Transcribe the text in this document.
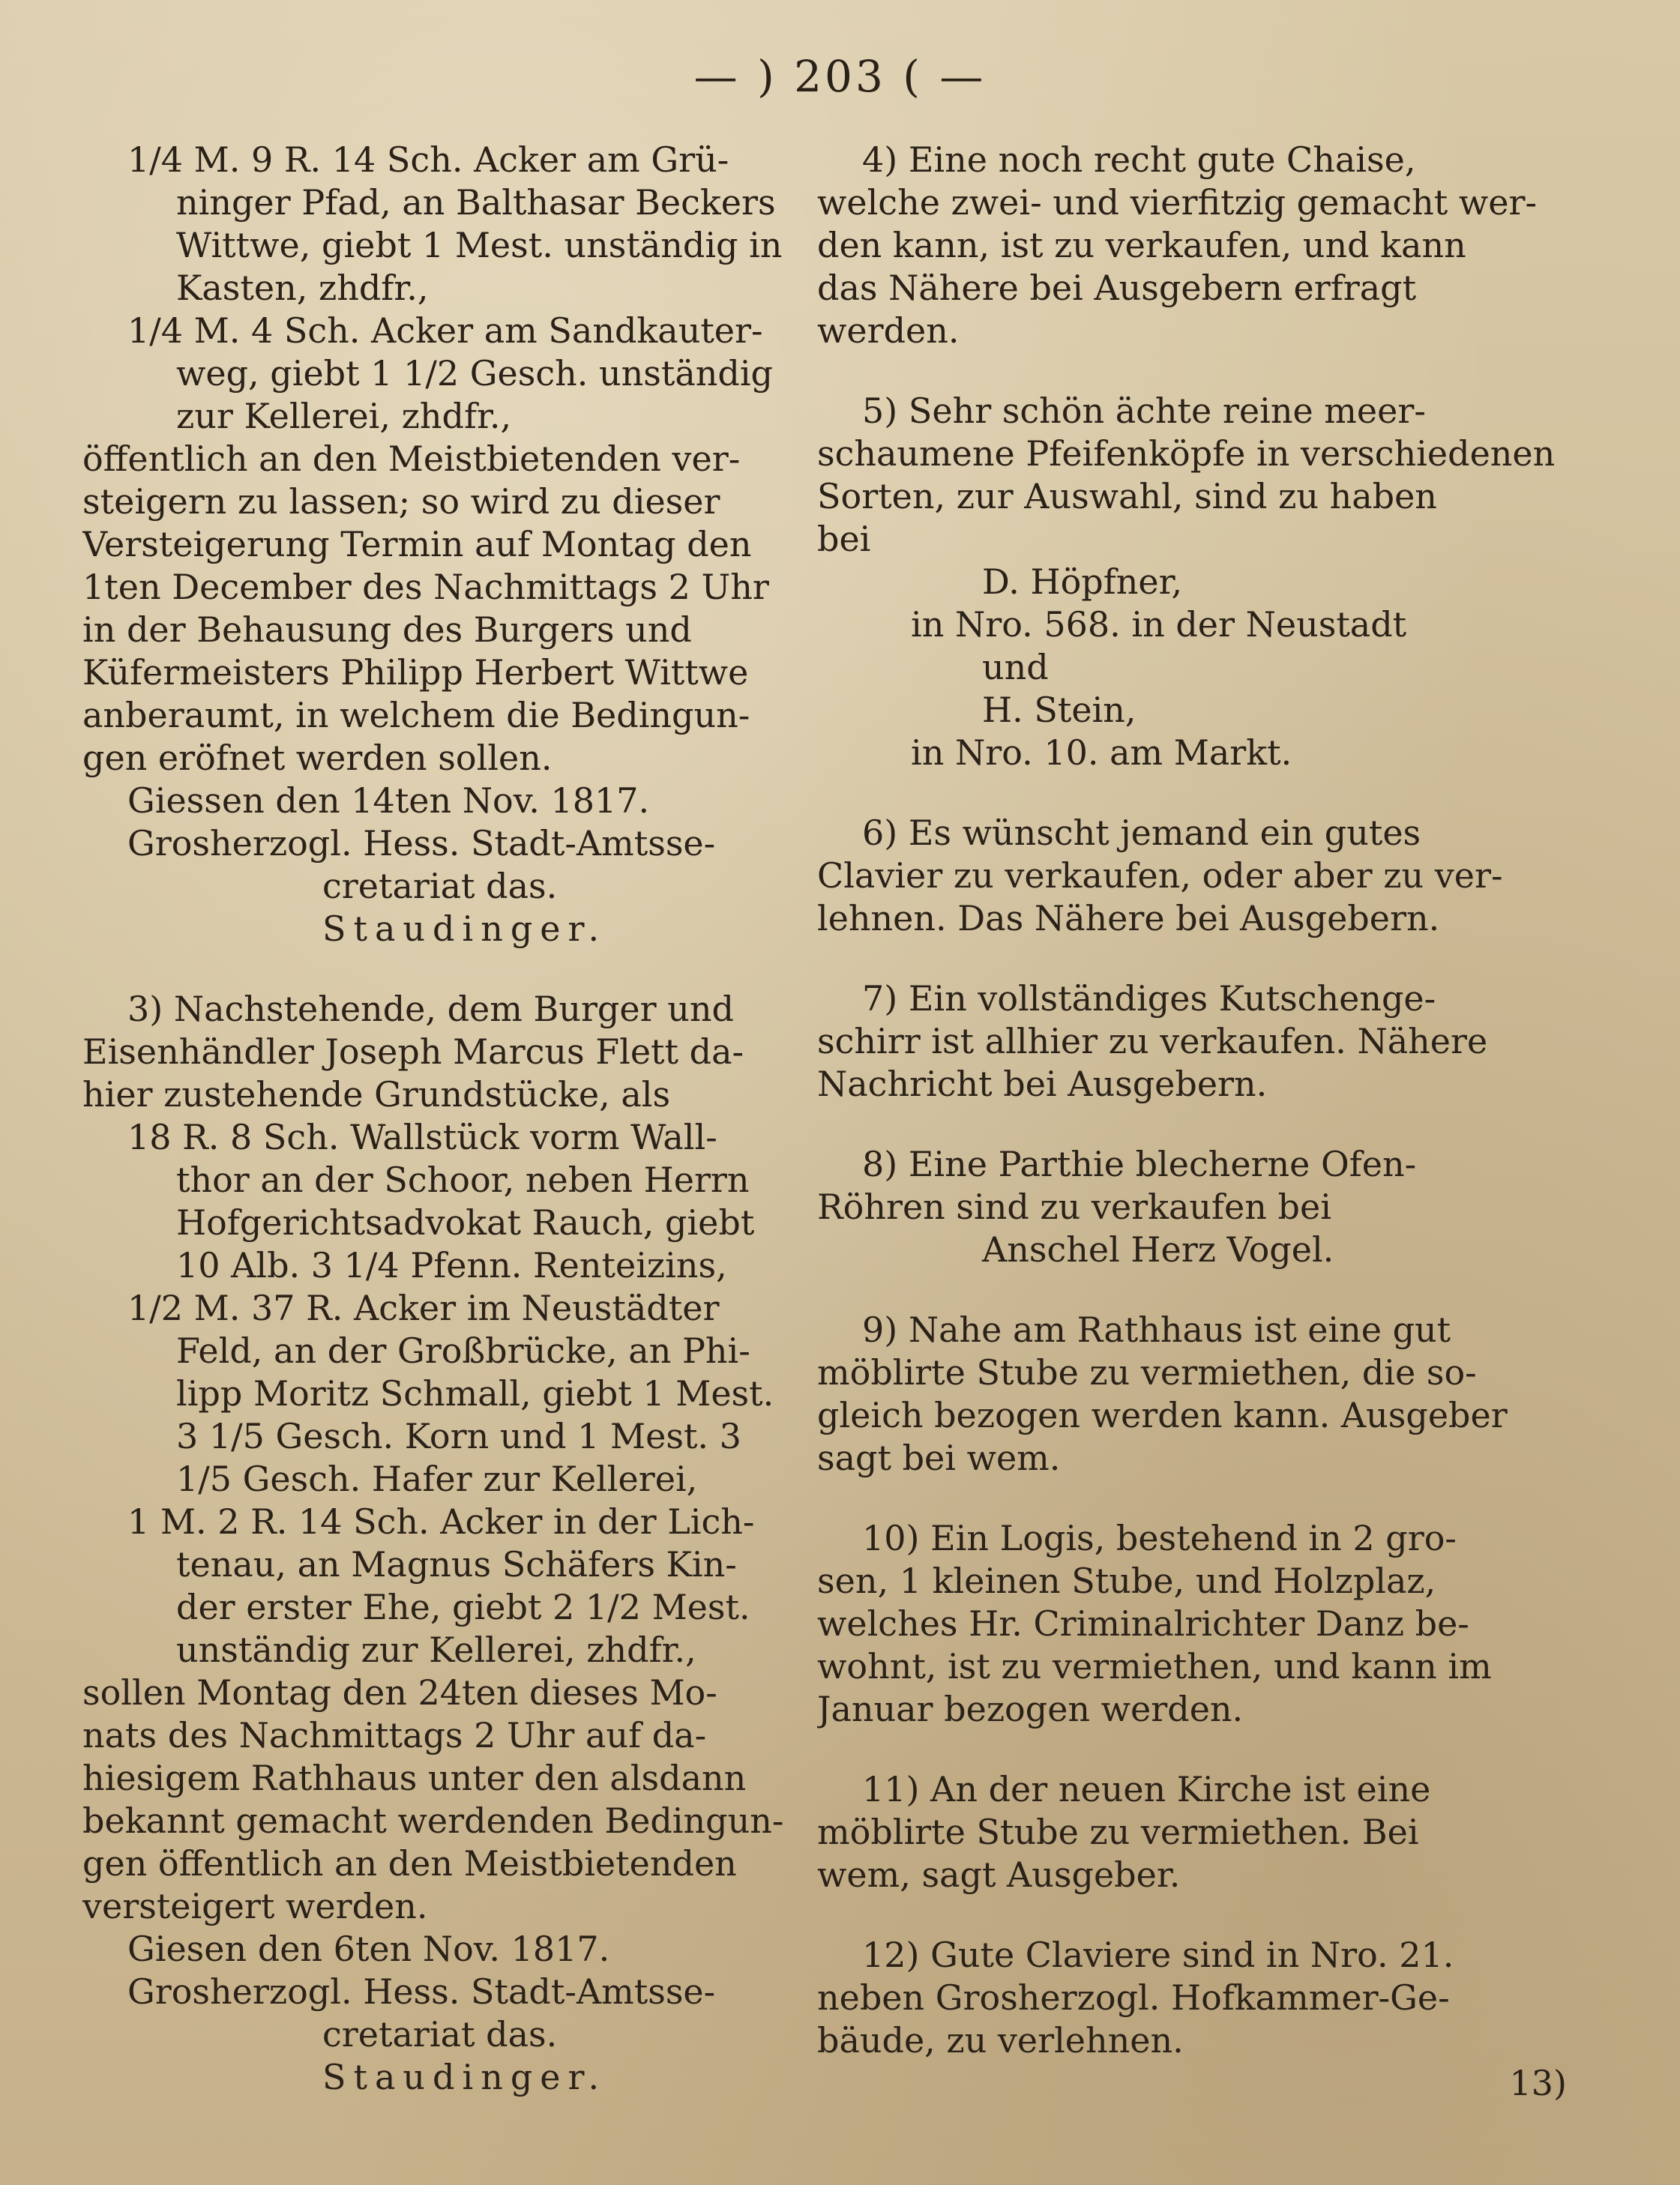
— ) 203 ( —
1/4 M. 9 R. 14 Sch. Acker am Grü-
ninger Pfad, an Balthasar Beckers
Wittwe, giebt 1 Mest. unständig in
Kasten, zhdfr.,
1/4 M. 4 Sch. Acker am Sandkauter-
weg, giebt 1 1/2 Gesch. unständig
zur Kellerei, zhdfr.,
öffentlich an den Meistbietenden ver-
steigern zu lassen; so wird zu dieser
Versteigerung Termin auf Montag den
1ten December des Nachmittags 2 Uhr
in der Behausung des Burgers und
Küfermeisters Philipp Herbert Wittwe
anberaumt, in welchem die Bedingun-
gen eröfnet werden sollen.
Giessen den 14ten Nov. 1817.
Grosherzogl. Hess. Stadt-Amtsse-
cretariat das.
Staudinger.
3) Nachstehende, dem Burger und
Eisenhändler Joseph Marcus Flett da-
hier zustehende Grundstücke, als
18 R. 8 Sch. Wallstück vorm Wall-
thor an der Schoor, neben Herrn
Hofgerichtsadvokat Rauch, giebt
10 Alb. 3 1/4 Pfenn. Renteizins,
1/2 M. 37 R. Acker im Neustädter
Feld, an der Großbrücke, an Phi-
lipp Moritz Schmall, giebt 1 Mest.
3 1/5 Gesch. Korn und 1 Mest. 3
1/5 Gesch. Hafer zur Kellerei,
1 M. 2 R. 14 Sch. Acker in der Lich-
tenau, an Magnus Schäfers Kin-
der erster Ehe, giebt 2 1/2 Mest.
unständig zur Kellerei, zhdfr.,
sollen Montag den 24ten dieses Mo-
nats des Nachmittags 2 Uhr auf da-
hiesigem Rathhaus unter den alsdann
bekannt gemacht werdenden Bedingun-
gen öffentlich an den Meistbietenden
versteigert werden.
Giesen den 6ten Nov. 1817.
Grosherzogl. Hess. Stadt-Amtsse-
cretariat das.
Staudinger.
4) Eine noch recht gute Chaise,
welche zwei- und vierfitzig gemacht wer-
den kann, ist zu verkaufen, und kann
das Nähere bei Ausgebern erfragt
werden.
5) Sehr schön ächte reine meer-
schaumene Pfeifenköpfe in verschiedenen
Sorten, zur Auswahl, sind zu haben
bei
D. Höpfner,
in Nro. 568. in der Neustadt
und
H. Stein,
in Nro. 10. am Markt.
6) Es wünscht jemand ein gutes
Clavier zu verkaufen, oder aber zu ver-
lehnen. Das Nähere bei Ausgebern.
7) Ein vollständiges Kutschenge-
schirr ist allhier zu verkaufen. Nähere
Nachricht bei Ausgebern.
8) Eine Parthie blecherne Ofen-
Röhren sind zu verkaufen bei
Anschel Herz Vogel.
9) Nahe am Rathhaus ist eine gut
möblirte Stube zu vermiethen, die so-
gleich bezogen werden kann. Ausgeber
sagt bei wem.
10) Ein Logis, bestehend in 2 gro-
sen, 1 kleinen Stube, und Holzplaz,
welches Hr. Criminalrichter Danz be-
wohnt, ist zu vermiethen, und kann im
Januar bezogen werden.
11) An der neuen Kirche ist eine
möblirte Stube zu vermiethen. Bei
wem, sagt Ausgeber.
12) Gute Claviere sind in Nro. 21.
neben Grosherzogl. Hofkammer-Ge-
bäude, zu verlehnen.
13)
